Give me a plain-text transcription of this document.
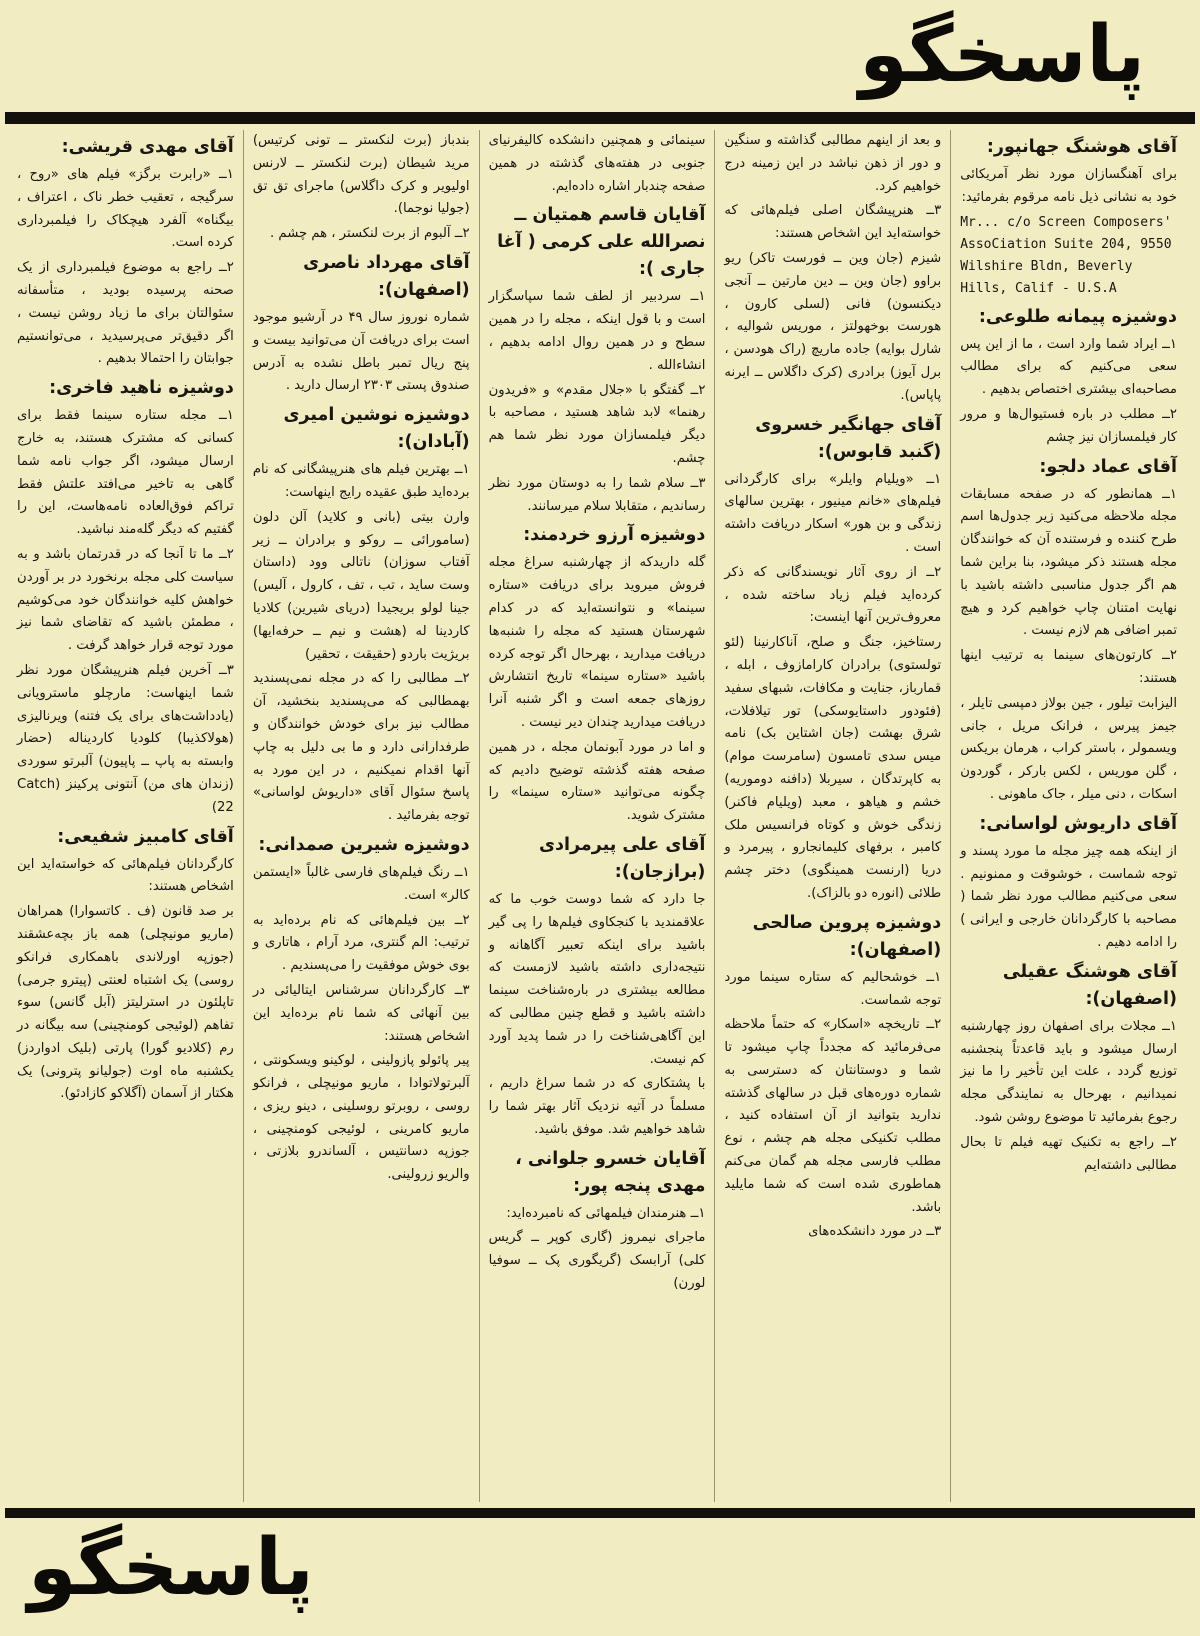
پاسخگو
آقای هوشنگ جهانپور:
برای آهنگسازان مورد نظر آمریکائی خود به نشانی ذیل نامه مرقوم بفرمائید:
Mr... c/o Screen Composers' AssoCiation Suite 204, 9550 Wilshire Bldn, Beverly Hills, Calif - U.S.A
دوشیزه پیمانه طلوعی:
۱ــ ایراد شما وارد است ، ما از این پس سعی می‌کنیم که برای مطالب مصاحبه‌ای بیشتری اختصاص بدهیم .
۲ــ مطلب در باره فستیوال‌ها و مرور کار فیلمسازان نیز چشم
آقای عماد دلجو:
۱ــ همانطور که در صفحه مسابقات مجله ملاحظه می‌کنید زیر جدول‌ها اسم طرح کننده و فرستنده آن که خوانندگان مجله هستند ذکر میشود، بنا براین شما هم اگر جدول مناسبی داشته باشید با نهایت امتنان چاپ خواهیم کرد و هیچ تمبر اضافی هم لازم نیست .
۲ــ کارتون‌های سینما به ترتیب اینها هستند:
الیزابت تیلور ، جین بولاز دمپسی تایلر ، جیمز پیرس ، فرانک مریل ، جانی ویسمولر ، باستر کراب ، هرمان بریکس ، گلن موریس ، لکس بارکر ، گوردون اسکات ، دنی میلر ، جاک ماهونی .
آقای داریوش لواسانی:
از اینکه همه چیز مجله ما مورد پسند و توجه شماست ، خوشوقت و ممنونیم . سعی می‌کنیم مطالب مورد نظر شما ( مصاحبه با کارگردانان خارجی و ایرانی ) را ادامه دهیم .
آقای هوشنگ عقیلی (اصفهان):
۱ــ مجلات برای اصفهان روز چهارشنبه ارسال میشود و باید قاعدتاً پنجشنبه توزیع گردد ، علت این تأخیر را ما نیز نمیدانیم ، بهرحال به نمایندگی مجله رجوع بفرمائید تا موضوع روشن شود.
۲ــ راجع به تکنیک تهیه فیلم تا بحال مطالبی داشته‌ایم
و بعد از اینهم مطالبی گذاشته و سنگین و دور از ذهن نباشد در این زمینه درج خواهیم کرد.
۳ــ هنرپیشگان اصلی فیلم‌هائی که خواسته‌اید این اشخاص هستند:
شیزم (جان وین ــ فورست تاکر) ریو براوو (جان وین ــ دین مارتین ــ آنجی دیکنسون) فانی (لسلی کارون ، هورست بوخهولتز ، موریس شوالیه ، شارل بوایه) جاده ماریچ (راک هودسن ، برل آیوز) برادری (کرک داگلاس ــ ایرنه پاپاس).
آقای جهانگیر خسروی (گنبد قابوس):
۱ــ «ویلیام وایلر» برای کارگردانی فیلم‌های «خانم مینیور ، بهترین سالهای زندگی و بن هور» اسکار دریافت داشته است .
۲ــ از روی آثار نویسندگانی که ذکر کرده‌اید فیلم زیاد ساخته شده ، معروف‌ترین آنها اینست:
رستاخیز، جنگ و صلح، آناکارنینا (لئو تولستوی) برادران کارامازوف ، ابله ، قمارباز، جنایت و مکافات، شبهای سفید (فئودور داستایوسکی) تور تیلافلات، شرق بهشت (جان اشتاین بک) نامه میس سدی تامسون (سامرست موام) به کاپرتدگان ، سیربلا (دافنه دوموریه) خشم و هیاهو ، معبد (ویلیام فاکنر) زندگی خوش و کوتاه فرانسیس ملک کامبر ، برفهای کلیمانجارو ، پیرمرد و دریا (ارنست همینگوی) دختر چشم طلائی (انوره دو بالزاک).
دوشیزه پروین صالحی (اصفهان):
۱ــ خوشحالیم که ستاره سینما مورد توجه شماست.
۲ــ تاریخچه «اسکار» که حتماً ملاحظه می‌فرمائید که مجدداً چاپ میشود تا شما و دوستانتان که دسترسی به شماره دوره‌های قبل در سالهای گذشته ندارید بتوانید از آن استفاده کنید ، مطلب تکنیکی مجله هم چشم ، نوع مطلب فارسی مجله هم گمان می‌کنم هماطوری شده است که شما مایلید باشد.
۳ــ در مورد دانشکده‌های
سینمائی و همچنین دانشکده کالیفرنیای جنوبی در هفته‌های گذشته در همین صفحه چندبار اشاره داده‌ایم.
آقایان قاسم همتیان ــ نصرالله علی کرمی ( آغا جاری ):
۱ــ سردبیر از لطف شما سپاسگزار است و با قول اینکه ، مجله را در همین سطح و در همین روال ادامه بدهیم ، انشاءالله .
۲ــ گفتگو با «جلال مقدم» و «فریدون رهنما» لابد شاهد هستید ، مصاحبه با دیگر فیلمسازان مورد نظر شما هم چشم.
۳ــ سلام شما را به دوستان مورد نظر رساندیم ، متقابلا سلام میرسانند.
دوشیزه آرزو خردمند:
گله داریدکه از چهارشنبه سراغ مجله فروش میروید برای دریافت «ستاره سینما» و نتوانسته‌اید که در کدام شهرستان هستید که مجله را شنبه‌ها دریافت میدارید ، بهرحال اگر توجه کرده باشید «ستاره سینما» تاریخ انتشارش روزهای جمعه است و اگر شنبه آنرا دریافت میدارید چندان دیر نیست .
و اما در مورد آبونمان مجله ، در همین صفحه هفته گذشته توضیح دادیم که چگونه می‌توانید «ستاره سینما» را مشترک شوید.
آقای علی پیرمرادی (برازجان):
جا دارد که شما دوست خوب ما که علاقمندید با کنجکاوی فیلم‌ها را پی گیر باشید برای اینکه تعبیر آگاهانه و نتیجه‌داری داشته باشید لازمست که مطالعه بیشتری در باره‌شناخت سینما داشته باشید و قطع چنین مطالبی که این آگاهی‌شناخت را در شما پدید آورد کم نیست.
با پشتکاری که در شما سراغ داریم ، مسلماً در آتیه نزدیک آثار بهتر شما را شاهد خواهیم شد. موفق باشید.
آقایان خسرو جلوانی ، مهدی پنجه پور:
۱ــ هنرمندان فیلمهائی که نامبرده‌اید:
ماجرای نیمروز (گاری کوپر ــ گریس کلی) آرابسک (گریگوری پک ــ سوفیا لورن)
بندباز (برت لنکستر ــ تونی کرتیس) مرید شیطان (برت لنکستر ــ لارنس اولیویر و کرک داگلاس) ماجرای تق تق (جولیا نوجما).
۲ــ آلبوم از برت لنکستر ، هم چشم .
آقای مهرداد ناصری (اصفهان):
شماره نوروز سال ۴۹ در آرشیو موجود است برای دریافت آن می‌توانید بیست و پنج ریال تمبر باطل نشده به آدرس صندوق پستی ۲۳۰۳ ارسال دارید .
دوشیزه نوشین امیری (آبادان):
۱ــ بهترین فیلم های هنرپیشگانی که نام برده‌اید طبق عقیده رایج اینهاست:
وارن بیتی (بانی و کلاید) آلن دلون (سامورائی ــ روکو و برادران ــ زیر آفتاب سوزان) ناتالی وود (داستان وست ساید ، تب ، تف ، کارول ، آلیس) جینا لولو بریجیدا (دریای شیرین) کلادیا کاردینا له (هشت و نیم ــ حرفه‌ایها) بریژیت باردو (حقیقت ، تحقیر)
۲ــ مطالبی را که در مجله نمی‌پسندید بهمطالبی که می‌پسندید بنخشید، آن مطالب نیز برای خودش خوانندگان و طرفدارانی دارد و ما بی دلیل به چاپ آنها اقدام نمیکنیم ، در این مورد به پاسخ سئوال آقای «داریوش لواسانی» توجه بفرمائید .
دوشیزه شیرین صمدانی:
۱ــ رنگ فیلم‌های فارسی غالباً «ایستمن کالر» است.
۲ــ بین فیلم‌هائی که نام برده‌اید به ترتیب: الم گنتری، مرد آرام ، هاتاری و بوی خوش موفقیت را می‌پسندیم .
۳ــ کارگردانان سرشناس ایتالیائی در بین آنهائی که شما نام برده‌اید این اشخاص هستند:
پیر پائولو پازولینی ، لوکینو ویسکونتی ، آلبرتولاتوادا ، ماریو مونیچلی ، فرانکو روسی ، روبرتو روسلینی ، دینو ریزی ، ماریو کامرینی ، لوئیجی کومنچینی ، جوزپه دسانتیس ، آلساندرو بلازتی ، والریو زرولینی.
آقای مهدی قریشی:
۱ــ «رابرت برگز» فیلم های «روح ، سرگیجه ، تعقیب خطر ناک ، اعتراف ، بیگناه» آلفرد هیچکاک را فیلمبرداری کرده است.
۲ــ راجع به موضوع فیلمبرداری از یک صحنه پرسیده بودید ، متأسفانه سئوالتان برای ما زیاد روشن نیست ، اگر دقیق‌تر می‌پرسیدید ، می‌توانستیم جوابتان را احتمالا بدهیم .
دوشیزه ناهید فاخری:
۱ــ مجله ستاره سینما فقط برای کسانی که مشترک هستند، به خارج ارسال میشود، اگر جواب نامه شما گاهی به تاخیر می‌افتد علتش فقط تراکم فوق‌العاده نامه‌هاست، این را گفتیم که دیگر گله‌مند نباشید.
۲ــ ما تا آنجا که در قدرتمان باشد و به سیاست کلی مجله برنخورد در بر آوردن خواهش کلیه خوانندگان خود می‌کوشیم ، مطمئن باشید که تقاضای شما نیز مورد توجه قرار خواهد گرفت .
۳ــ آخرین فیلم هنرپیشگان مورد نظر شما اینهاست: مارچلو ماسترویانی (یادداشت‌های برای یک فتنه) ویرنالیزی (هولاکذیبا) کلودیا کاردیناله (حضار وابسته به پاپ ــ پاپیون) آلبرتو سوردی (زندان های من) آنتونی پرکینز (Catch 22)
آقای کامبیز شفیعی:
کارگردانان فیلم‌هائی که خواسته‌اید این اشخاص هستند:
بر صد قانون (ف . کاتسوارا) همراهان (ماریو مونیچلی) همه باز بچه‌عشقند (جوزپه اورلاندی باهمکاری فرانکو روسی) یک اشتباه لعنتی (پیترو جرمی) تاپلئون در استرلیتز (آبل گانس) سوء تفاهم (لوئیجی کومنچینی) سه بیگانه در رم (کلادیو گورا) پارتی (بلیک ادواردز) یکشنبه ماه اوت (جولیانو پترونی) یک هکتار از آسمان (آگلاکو کازادئو).
پاسخگو
